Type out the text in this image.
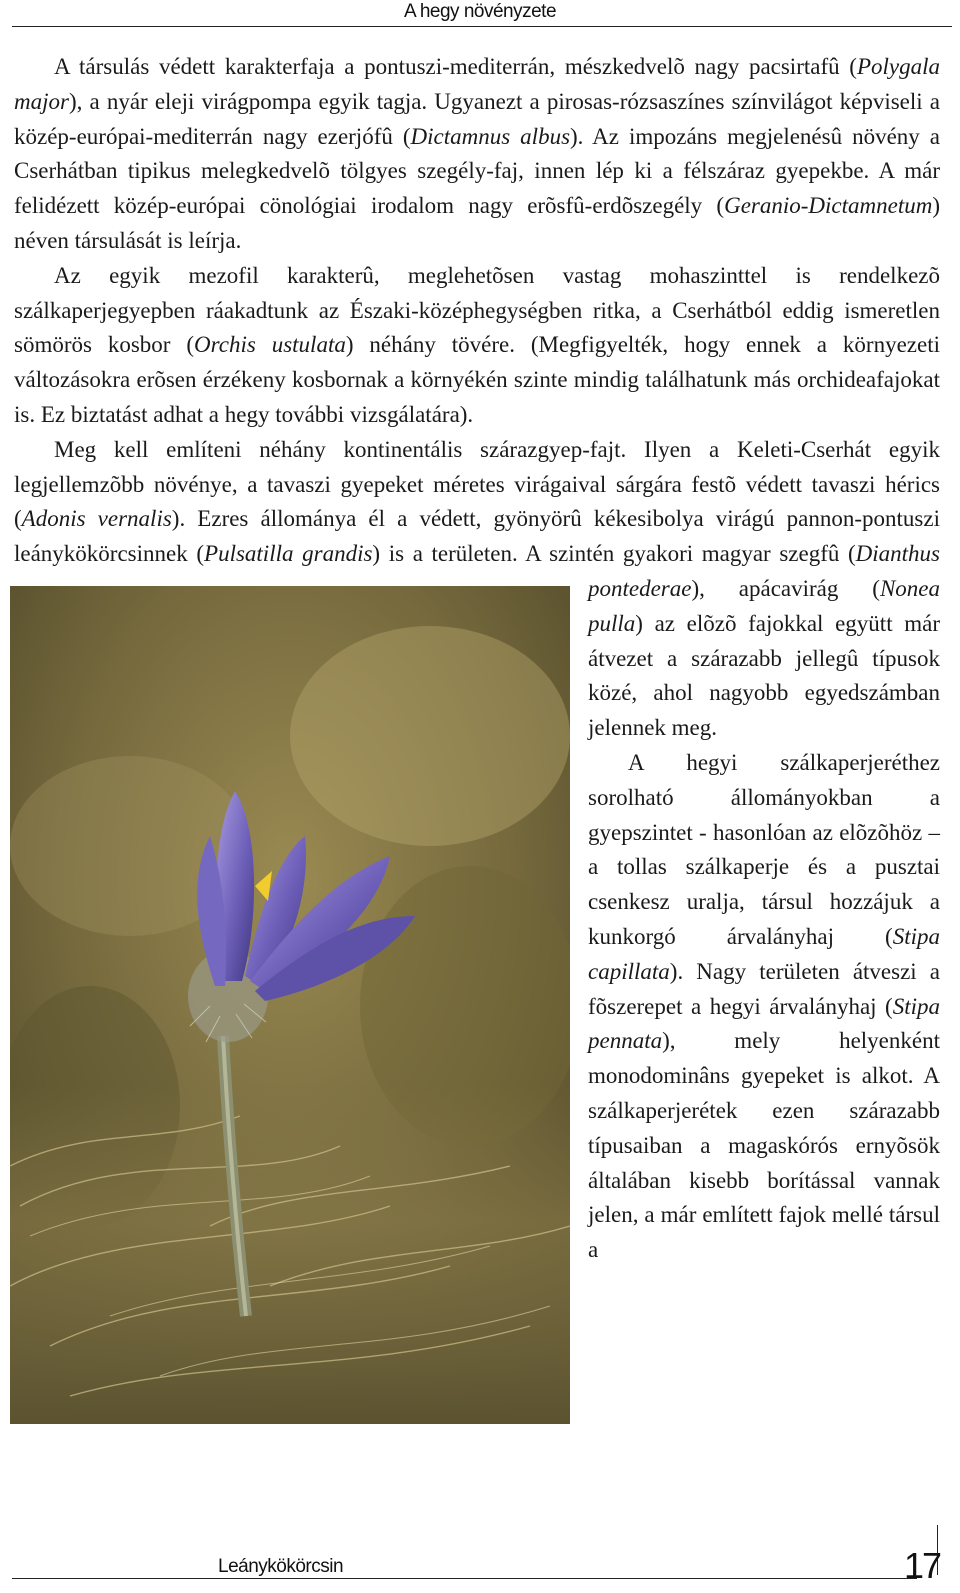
A hegy növényzete

A társulás védett karakterfaja a pontuszi-mediterrán, mészkedvelõ nagy pacsirtafû (Polygala major), a nyár eleji virágpompa egyik tagja. Ugyanezt a pirosas-rózsaszínes színvilágot képviseli a közép-európai-mediterrán nagy ezerjófû (Dictamnus albus). Az impozáns megjelenésû növény a Cserhátban tipikus melegkedvelõ tölgyes szegély-faj, innen lép ki a félszáraz gyepekbe. A már felidézett közép-európai cönológiai irodalom nagy erõsfû-erdõszegély (Geranio-Dictamnetum) néven társulását is leírja.

Az egyik mezofil karakterû, meglehetõsen vastag mohaszinttel is rendelkezõ szálkaperjegyepben ráakadtunk az Északi-középhegységben ritka, a Cserhátból eddig ismeretlen sömörös kosbor (Orchis ustulata) néhány tövére. (Megfigyelték, hogy ennek a környezeti változásokra erõsen érzékeny kosbornak a környékén szinte mindig találhatunk más orchideafajokat is. Ez biztatást adhat a hegy további vizsgálatára).

Meg kell említeni néhány kontinentális szárazgyep-fajt. Ilyen a Keleti-Cserhát egyik legjellemzõbb növénye, a tavaszi gyepeket méretes virágaival sárgára festõ védett tavaszi hérics (Adonis vernalis). Ezres állománya él a védett, gyönyörû kékesibolya virágú pannon-pontuszi leánykökörcsinnek (Pulsatilla grandis
) is a területen. A szintén gyakori magyar szegfû (Dianthus pontederae), apácavirág (Nonea pulla) az elõzõ fajokkal együtt már átvezet a szárazabb jellegû típusok közé, ahol nagyobb egyedszámban jelennek meg.

A hegyi szálkaperjeréthez sorolható állományokban a gyepszintet - hasonlóan az elõzõhöz – a tollas szálkaperje és a pusztai csenkesz uralja, társul hozzájuk a kunkorgó árvalányhaj (Stipa capillata). Nagy területen átveszi a fõszerepet a hegyi árvalányhaj (Stipa pennata), mely helyenként monodominâns gyepeket is alkot. A szálkaperjerétek ezen szárazabb típusaiban a magaskórós ernyõsök általában kisebb borítással vannak jelen, a már említett fajok mellé társul a

Leánykökörcsin	17
